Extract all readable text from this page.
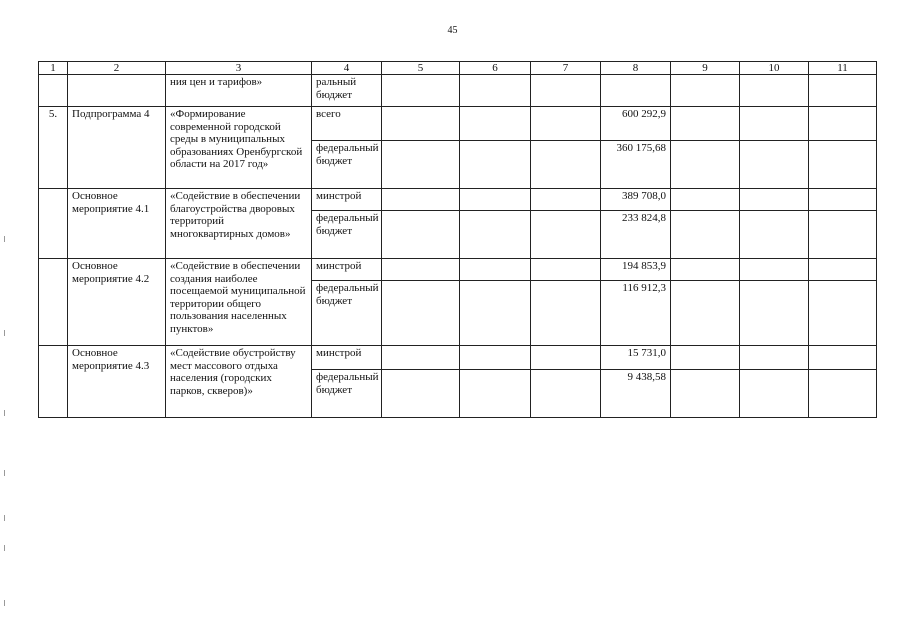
45
1	2	3	4	5	6	7	8	9	10	11
		ния цен и тарифов»	ральный бюджет							
5.	Подпрограмма 4	«Формирование современной городской среды в муниципальных образованиях Оренбургской области на 2017 год»	всего				600 292,9			
			федеральный бюджет				360 175,68			
	Основное мероприятие 4.1	«Содействие в обеспечении благоустройства дворовых территорий многоквартирных домов»	минстрой				389 708,0			
			федеральный бюджет				233 824,8			
	Основное мероприятие 4.2	«Содействие в обеспечении создания наиболее посещаемой муниципальной территории общего пользования населенных пунктов»	минстрой				194 853,9			
			федеральный бюджет				116 912,3			
	Основное мероприятие 4.3	«Содействие обустройству мест массового отдыха населения (городских парков, скверов)»	минстрой				15 731,0			
			федеральный бюджет				9 438,58			
